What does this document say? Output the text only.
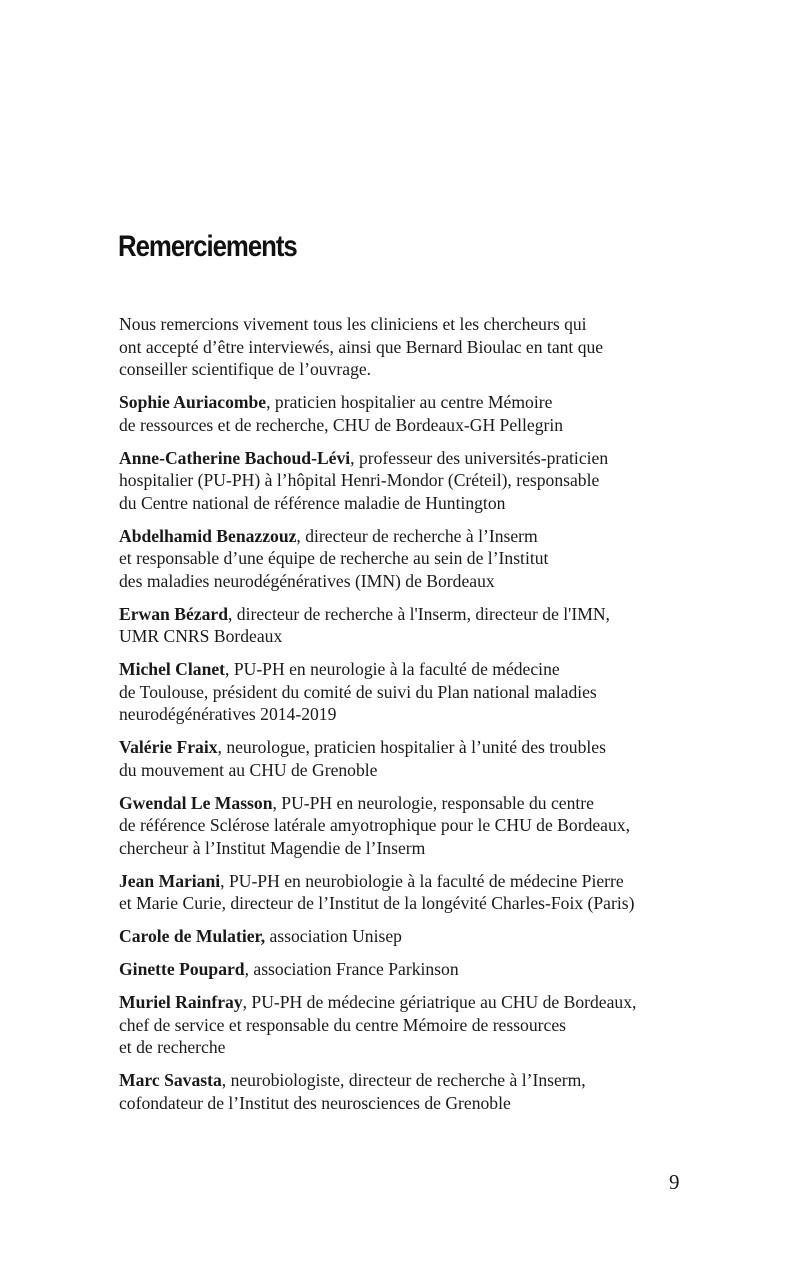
Remerciements

Nous remercions vivement tous les cliniciens et les chercheurs qui
ont accepté d’être interviewés, ainsi que Bernard Bioulac en tant que
conseiller scientifique de l’ouvrage.

Sophie Auriacombe, praticien hospitalier au centre Mémoire
de ressources et de recherche, CHU de Bordeaux-GH Pellegrin

Anne-Catherine Bachoud-Lévi, professeur des universités-praticien
hospitalier (PU-PH) à l’hôpital Henri-Mondor (Créteil), responsable
du Centre national de référence maladie de Huntington

Abdelhamid Benazzouz, directeur de recherche à l’Inserm
et responsable d’une équipe de recherche au sein de l’Institut
des maladies neurodégénératives (IMN) de Bordeaux

Erwan Bézard, directeur de recherche à l'Inserm, directeur de l'IMN,
UMR CNRS Bordeaux

Michel Clanet, PU-PH en neurologie à la faculté de médecine
de Toulouse, président du comité de suivi du Plan national maladies
neurodégénératives 2014-2019

Valérie Fraix, neurologue, praticien hospitalier à l’unité des troubles
du mouvement au CHU de Grenoble

Gwendal Le Masson, PU-PH en neurologie, responsable du centre
de référence Sclérose latérale amyotrophique pour le CHU de Bordeaux,
chercheur à l’Institut Magendie de l’Inserm

Jean Mariani, PU-PH en neurobiologie à la faculté de médecine Pierre
et Marie Curie, directeur de l’Institut de la longévité Charles-Foix (Paris)

Carole de Mulatier, association Unisep

Ginette Poupard, association France Parkinson

Muriel Rainfray, PU-PH de médecine gériatrique au CHU de Bordeaux,
chef de service et responsable du centre Mémoire de ressources
et de recherche

Marc Savasta, neurobiologiste, directeur de recherche à l’Inserm,
cofondateur de l’Institut des neurosciences de Grenoble

9
